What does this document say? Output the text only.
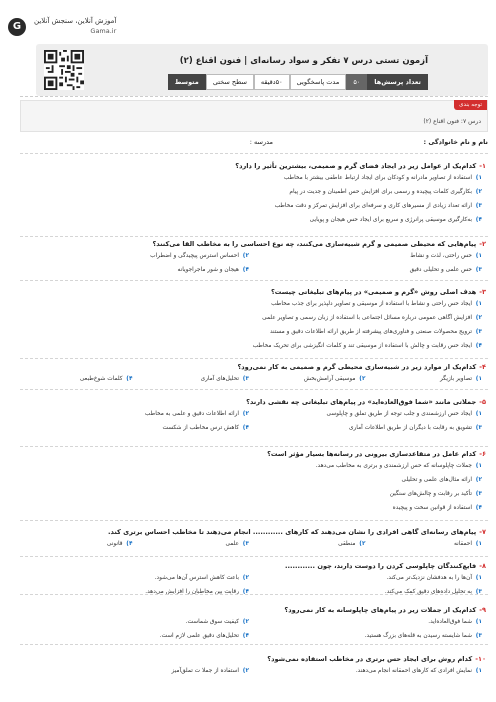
G	آموزش آنلاین، سنجش آنلاین
Gama.ir
آزمون تستی درس ۷ تفکر و سواد رسانه‌ای | فنون اقناع (۲)
تعداد پرسش‌ها
۵۰
مدت پاسخگویی
۵۰دقیقه
سطح سختی
متوسط
توجه بندی
درس ۷: فنون اقناع (۲)
نام و نام خانوادگی :
مدرسه :
۱-کدام‌یک از عوامل زیر در ایجاد فضای گرم و صمیمی، بیشترین تأثیر را دارد؟
۱)استفاده از تصاویر مادرانه و کودکان برای ایجاد ارتباط عاطفی بیشتر با مخاطب
۲)بکارگیری کلمات پیچیده و رسمی برای افزایش حس اطمینان و جدیت در پیام
۳)ارائه تعداد زیادی از مسیرهای کاری و سرفه‌ای برای افزایش تمرکز و دقت مخاطب
۴)به‌کارگیری موسیقی پرانرژی و سریع برای ایجاد حس هیجان و پویایی
۲-پیام‌هایی که محیطی صمیمی و گرم شبیه‌سازی می‌کنند، چه نوع احساسی را به مخاطب القا می‌کنند؟
۱)حس راحتی، لذت و نشاط
۲)احساس استرس پیچیدگی و اضطراب
۳)حس علمی و تحلیلی دقیق
۴)هیجان و شور ماجراجویانه
۳-هدف اصلی روش «گرم و صمیمی» در پیام‌های تبلیغاتی چیست؟
۱)ایجاد حس راحتی و نشاط با استفاده از موسیقی و تصاویر دلپذیر برای جذب مخاطب
۲)افزایش آگاهی عمومی درباره مسائل اجتماعی با استفاده از زبان رسمی و تصاویر علمی
۳)ترویج محصولات صنعتی و فناوری‌های پیشرفته از طریق ارائه اطلاعات دقیق و مستند
۴)ایجاد حس رقابت و چالش با استفاده از موسیقی تند و کلمات انگیزشی برای تحریک مخاطب
۴-کدام‌یک از موارد زیر در شبیه‌سازی محیطی گرم و صمیمی به کار نمی‌رود؟
۱)تصاویر بازیگر
۲)موسیقی آرامش‌بخش
۳)تحلیل‌های آماری
۴)کلمات شوخ‌طبعی
۵-جملاتی مانند «شما فوق‌العاده‌اید» در پیام‌های تبلیغاتی چه نقشی دارند؟
۱)ایجاد حس ارزشمندی و جلب توجه از طریق تملق و چاپلوسی
۲)ارائه اطلاعات دقیق و علمی به مخاطب
۳)تشویق به رقابت با دیگران از طریق اطلاعات آماری
۴)کاهش ترس مخاطب از شکست
۶-کدام عامل در متقاعدسازی بیرونی در رسانه‌ها بسیار مؤثر است؟
۱)جملات چاپلوسانه که حس ارزشمندی و برتری به مخاطب می‌دهد.
۲)ارائه مثال‌های علمی و تحلیلی
۳)تأکید بر رقابت و چالش‌های سنگین
۴)استفاده از قوانین سخت و پیچیده
۷-پیام‌های رسانه‌ای گاهی افرادی را نشان می‌دهند که کارهای ............ انجام می‌دهند تا مخاطب احساس برتری کند.
۱)احمقانه
۲)منطقی
۳)علمی
۴)قانونی
۸-فایع‌کنندگان چاپلوسی کردن را دوست دارند، چون ............
۱)آن‌ها را به هدفشان نزدیک‌تر می‌کند.
۲)باعث کاهش استرس آن‌ها می‌شود.
۳)به تحلیل داده‌های دقیق کمک می‌کند.
۴)رقابت بین مخاطبان را افزایش می‌دهد.
۹-کدام‌یک از جملات زیر در پیام‌های چاپلوسانه به کار نمی‌رود؟
۱)شما فوق‌العاده‌اید.
۲)کیفیت سوق شماست.
۳)شما شایسته رسیدن به قله‌های بزرگ هستید.
۴)تحلیل‌های دقیق علمی لازم است.
۱۰-کدام روش برای ایجاد حس برتری در مخاطب استفاده نمی‌شود؟
۱)نمایش افرادی که کارهای احمقانه انجام می‌دهند.
۲)استفاده از جملا ت تملق‌آمیز
